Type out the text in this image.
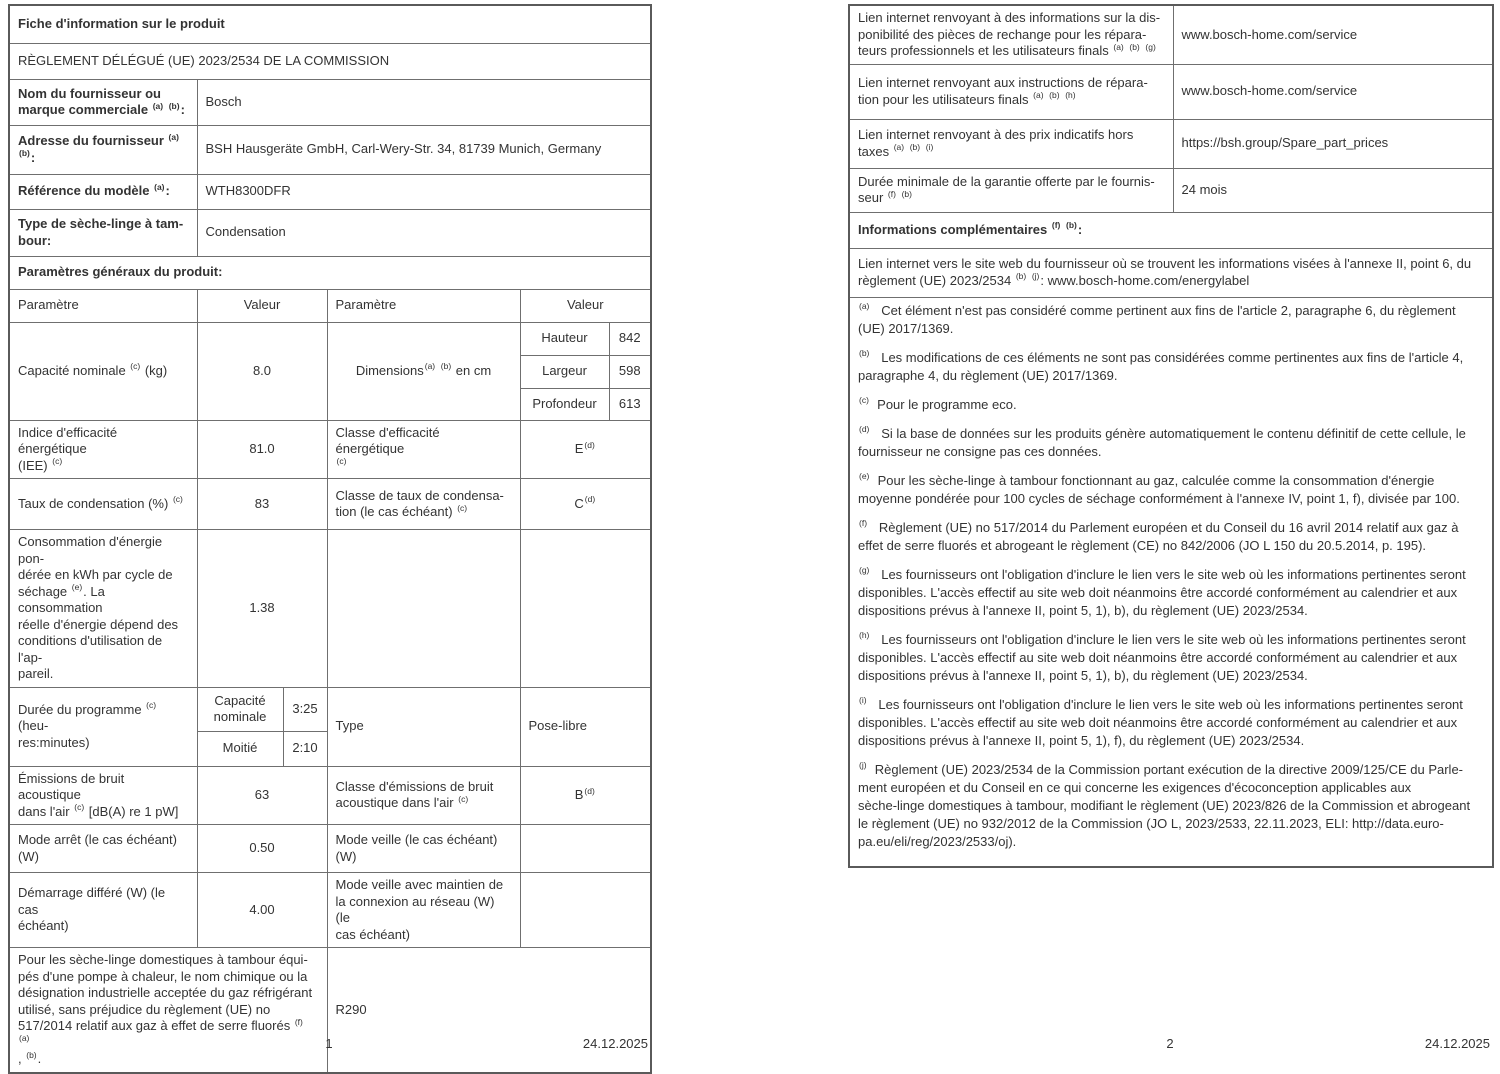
Fiche d'information sur le produit					
RÈGLEMENT DÉLÉGUÉ (UE) 2023/2534 DE LA COMMISSION					
Nom du fournisseur ou
marque commerciale $^{(a)}$ $^{(b)}$:	Bosch				
Adresse du fournisseur $^{(a)}$
$^{(b)}$:	BSH Hausgeräte GmbH, Carl-Wery-Str. 34, 81739 Munich, Germany				
Référence du modèle $^{(a)}$:	WTH8300DFR				
Type de sèche-linge à tam-
bour:	Condensation				
Paramètres généraux du produit:					
Paramètre	Valeur		Paramètre	Valeur	
Capacité nominale $^{(c)}$ (kg)	8.0		Dimensions$^{(a)}$ $^{(b)}$ en cm	Hauteur	842
				Largeur	598
				Profondeur	613
Indice d'efficacité énergétique
(IEE) $^{(c)}$	81.0		Classe d'efficacité énergétique
$^{(c)}$	$E^{(d)}$
Taux de condensation (%) $^{(c)}$	83		Classe de taux de condensa-
tion (le cas échéant) $^{(c)}$	$C^{(d)}$
Consommation d'énergie pon-
dérée en kWh par cycle de
séchage $^{(e)}$. La consommation
réelle d'énergie dépend des
conditions d'utilisation de l'ap-
pareil.	1.38		
Durée du programme $^{(c)}$ (heu-
res:minutes)	Capacité
nominale	3:25	Type	Pose-libre	
	Moitié	2:10			
Émissions de bruit acoustique
dans l'air $^{(c)}$ [dB(A) re 1 pW]	63		Classe d'émissions de bruit
acoustique dans l'air $^{(c)}$	$B^{(d)}$
Mode arrêt (le cas échéant)
(W)	0.50		Mode veille (le cas échéant)
(W)		
Démarrage différé (W) (le cas
échéant)	4.00		Mode veille avec maintien de
la connexion au réseau (W) (le
cas échéant)		
Pour les sèche-linge domestiques à tambour équi-
pés d'une pompe à chaleur, le nom chimique ou la
désignation industrielle acceptée du gaz réfrigérant
utilisé, sans préjudice du règlement (UE) no
517/2014 relatif aux gaz à effet de serre fluorés $^{(f)}$ $^{(a)}$
, $^{(b)}$.	R290
Lien internet renvoyant à des informations sur la dis-
ponibilité des pièces de rechange pour les répara-
teurs professionnels et les utilisateurs finals $^{(a)}$ $^{(b)}$ $^{(g)}$	www.bosch-home.com/service
Lien internet renvoyant aux instructions de répara-
tion pour les utilisateurs finals $^{(a)}$ $^{(b)}$ $^{(h)}$	www.bosch-home.com/service
Lien internet renvoyant à des prix indicatifs hors
taxes $^{(a)}$ $^{(b)}$ $^{(i)}$	https://bsh.group/Spare_part_prices
Durée minimale de la garantie offerte par le fournis-
seur $^{(f)}$ $^{(b)}$	24 mois
Informations complémentaires $^{(f)}$ $^{(b)}$:	
Lien internet vers le site web du fournisseur où se trouvent les informations visées à l'annexe II, point 6, du
règlement (UE) 2023/2534 $^{(b)}$ $^{(j)}$: www.bosch-home.com/energylabel	

$^{(a)}$   Cet élément n'est pas considéré comme pertinent aux fins de l'article 2, paragraphe 6, du règlement
(UE) 2017/1369.

$^{(b)}$   Les modifications de ces éléments ne sont pas considérées comme pertinentes aux fins de l'article 4,
paragraphe 4, du règlement (UE) 2017/1369.

$^{(c)}$  Pour le programme eco.

$^{(d)}$   Si la base de données sur les produits génère automatiquement le contenu définitif de cette cellule, le
fournisseur ne consigne pas ces données.

$^{(e)}$  Pour les sèche-linge à tambour fonctionnant au gaz, calculée comme la consommation d'énergie
moyenne pondérée pour 100 cycles de séchage conformément à l'annexe IV, point 1, f), divisée par 100.

$^{(f)}$   Règlement (UE) no 517/2014 du Parlement européen et du Conseil du 16 avril 2014 relatif aux gaz à
effet de serre fluorés et abrogeant le règlement (CE) no 842/2006 (JO L 150 du 20.5.2014, p. 195).

$^{(g)}$   Les fournisseurs ont l'obligation d'inclure le lien vers le site web où les informations pertinentes seront
disponibles. L'accès effectif au site web doit néanmoins être accordé conformément au calendrier et aux
dispositions prévus à l'annexe II, point 5, 1), b), du règlement (UE) 2023/2534.

$^{(h)}$   Les fournisseurs ont l'obligation d'inclure le lien vers le site web où les informations pertinentes seront
disponibles. L'accès effectif au site web doit néanmoins être accordé conformément au calendrier et aux
dispositions prévus à l'annexe II, point 5, 1), b), du règlement (UE) 2023/2534.

$^{(i)}$   Les fournisseurs ont l'obligation d'inclure le lien vers le site web où les informations pertinentes seront
disponibles. L'accès effectif au site web doit néanmoins être accordé conformément au calendrier et aux
dispositions prévus à l'annexe II, point 5, 1), f), du règlement (UE) 2023/2534.

$^{(j)}$  Règlement (UE) 2023/2534 de la Commission portant exécution de la directive 2009/125/CE du Parle-
ment européen et du Conseil en ce qui concerne les exigences d'écoconception applicables aux
sèche-linge domestiques à tambour, modifiant le règlement (UE) 2023/826 de la Commission et abrogeant
le règlement (UE) no 932/2012 de la Commission (JO L, 2023/2533, 22.11.2023, ELI: http://data.euro-
pa.eu/eli/reg/2023/2533/oj).

1	24.12.2025	2	24.12.2025
